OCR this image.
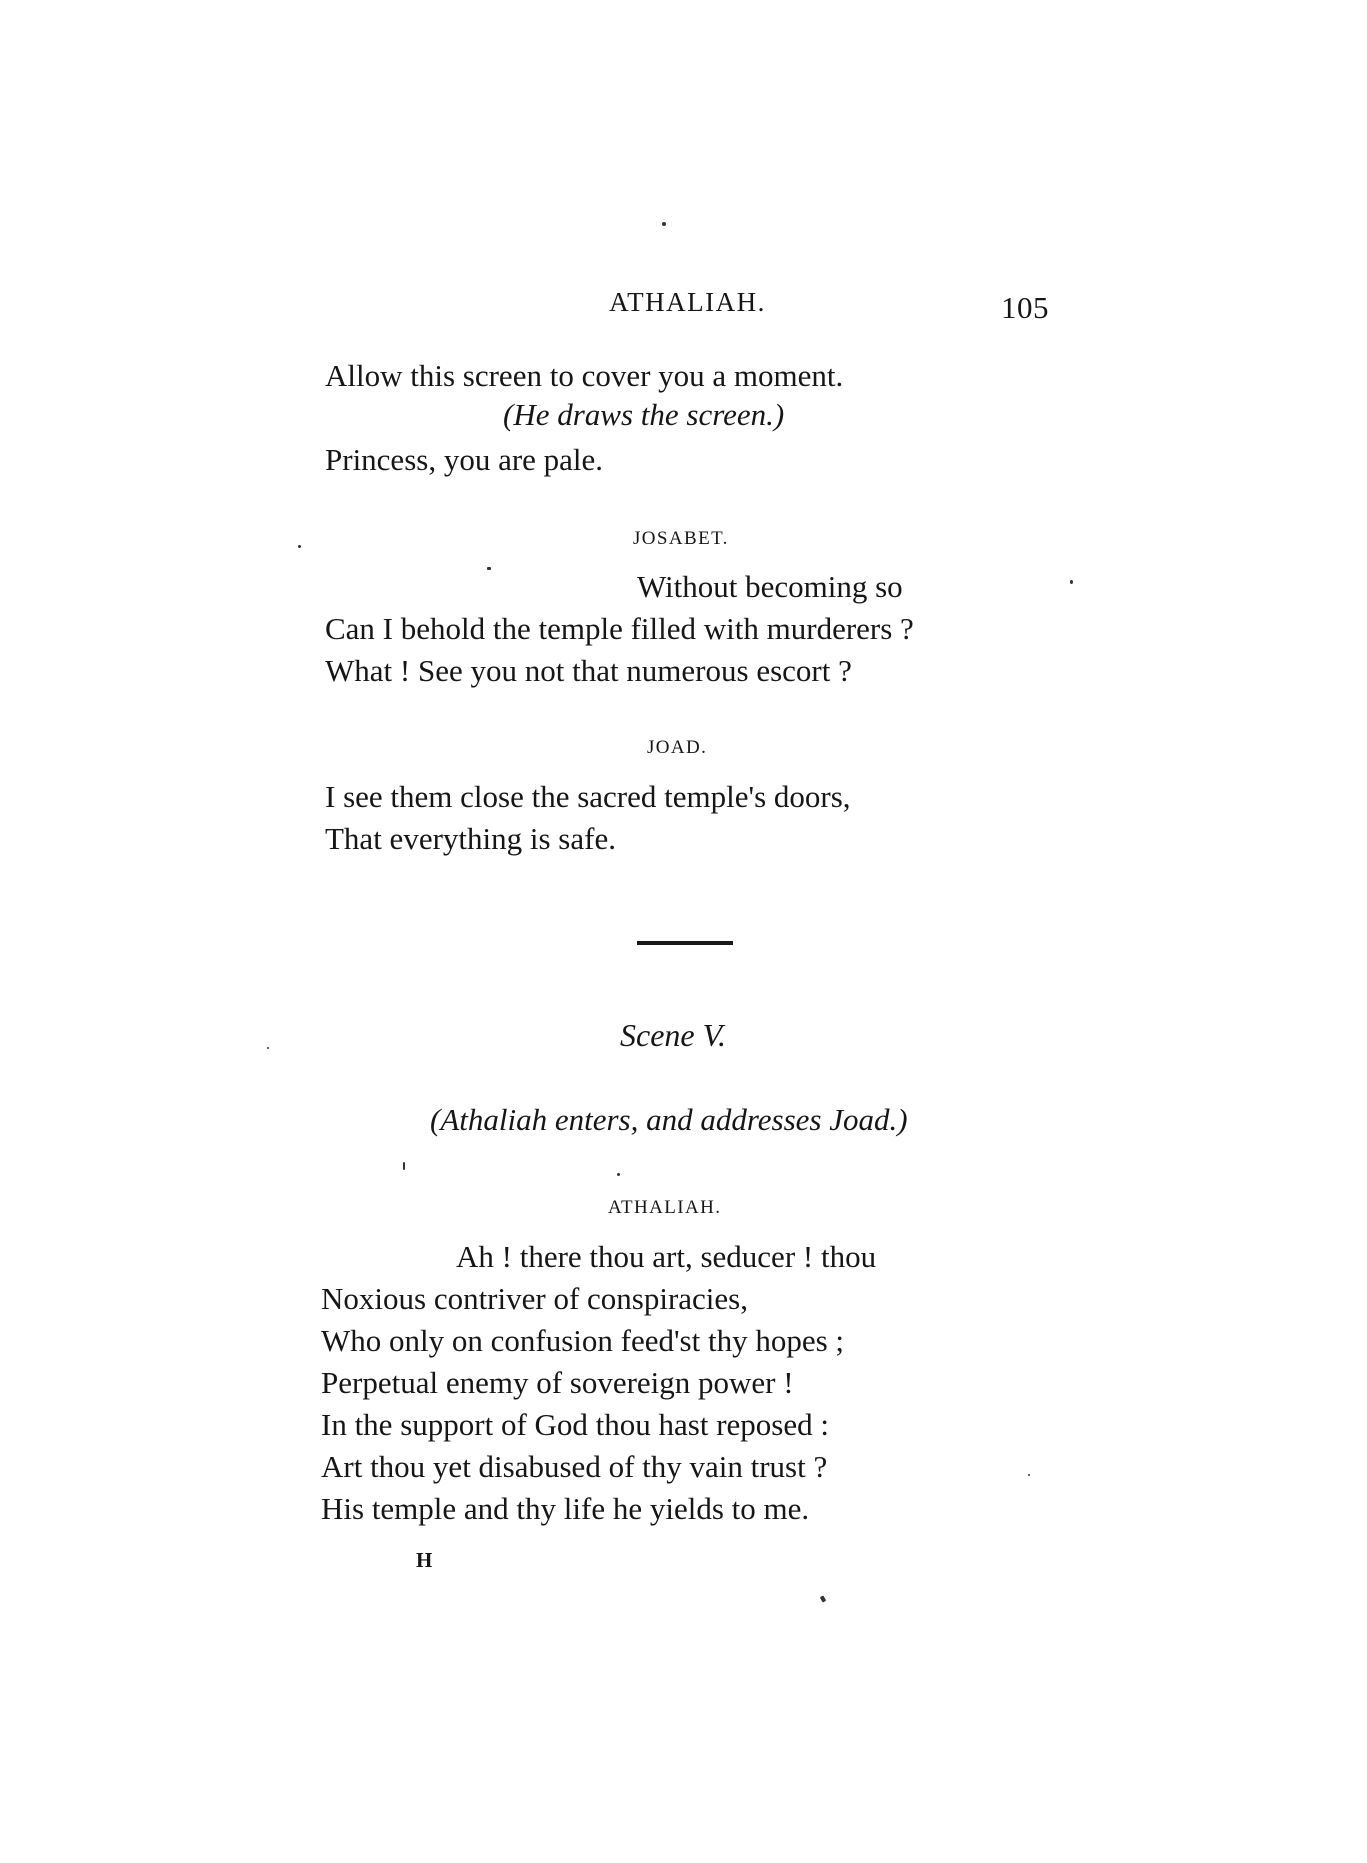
ATHALIAH.	105
Allow this screen to cover you a moment.
(He draws the screen.)
Princess, you are pale.
JOSABET.
Without becoming so
Can I behold the temple filled with murderers ?
What ! See you not that numerous escort ?
JOAD.
I see them close the sacred temple's doors,
That everything is safe.
Scene V.
(Athaliah enters, and addresses Joad.)
ATHALIAH.
Ah ! there thou art, seducer ! thou
Noxious contriver of conspiracies,
Who only on confusion feed'st thy hopes ;
Perpetual enemy of sovereign power !
In the support of God thou hast reposed :
Art thou yet disabused of thy vain trust ?
His temple and thy life he yields to me.
H
